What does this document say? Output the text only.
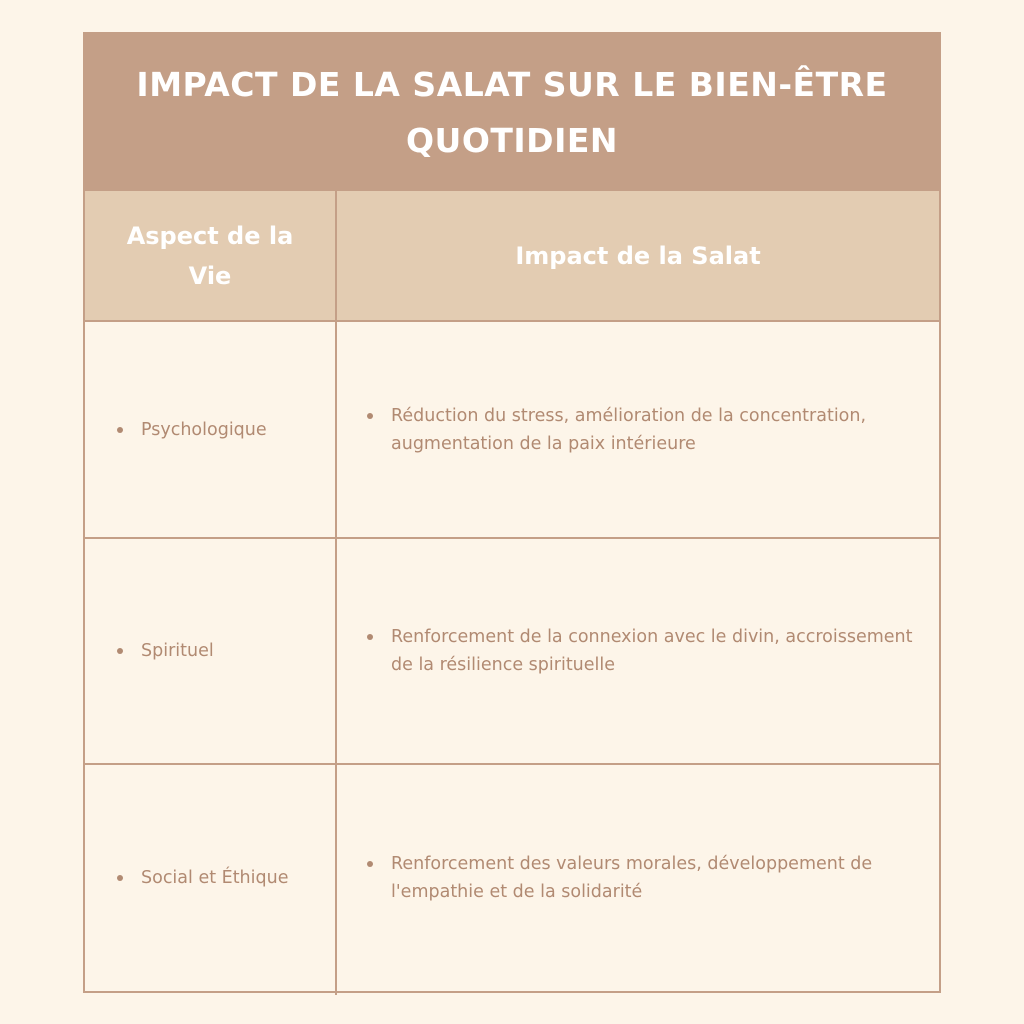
IMPACT DE LA SALAT SUR LE BIEN-ÊTRE QUOTIDIEN
Aspect de la Vie
Impact de la Salat
Psychologique
Réduction du stress, amélioration de la concentration, augmentation de la paix intérieure
Spirituel
Renforcement de la connexion avec le divin, accroissement de la résilience spirituelle
Social et Éthique
Renforcement des valeurs morales, développement de l'empathie et de la solidarité
